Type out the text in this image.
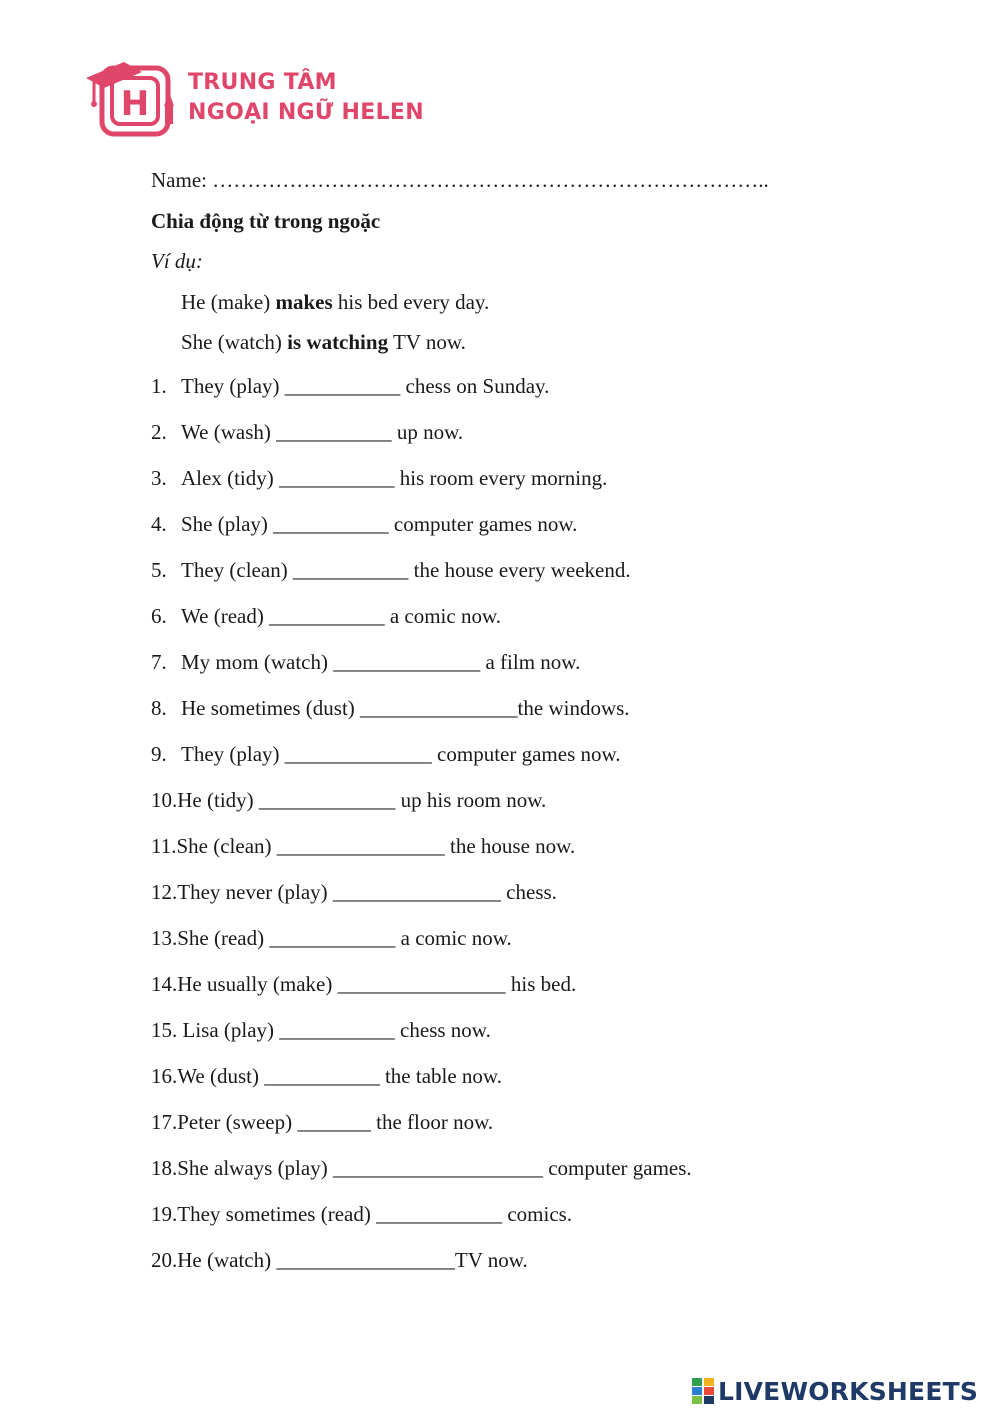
H
TRUNG TÂM
NGOẠI NGỮ HELEN
Name: ……………………………………………………………………..
Chia động từ trong ngoặc
Ví dụ:
He (make) makes his bed every day.
She (watch) is watching TV now.
1. They (play) ___________ chess on Sunday.
2. We (wash) ___________ up now.
3. Alex (tidy) ___________ his room every morning.
4. She (play) ___________ computer games now.
5. They (clean) ___________ the house every weekend.
6. We (read) ___________ a comic now.
7. My mom (watch) ______________ a film now.
8. He sometimes (dust) _______________the windows.
9. They (play) ______________ computer games now.
10.He (tidy) _____________ up his room now.
11.She (clean) ________________ the house now.
12.They never (play) ________________ chess.
13.She (read) ____________ a comic now.
14.He usually (make) ________________ his bed.
15. Lisa (play) ___________ chess now.
16.We (dust) ___________ the table now.
17.Peter (sweep) _______ the floor now.
18.She always (play) ____________________ computer games.
19.They sometimes (read) ____________ comics.
20.He (watch) _________________TV now.
LIVEWORKSHEETS
